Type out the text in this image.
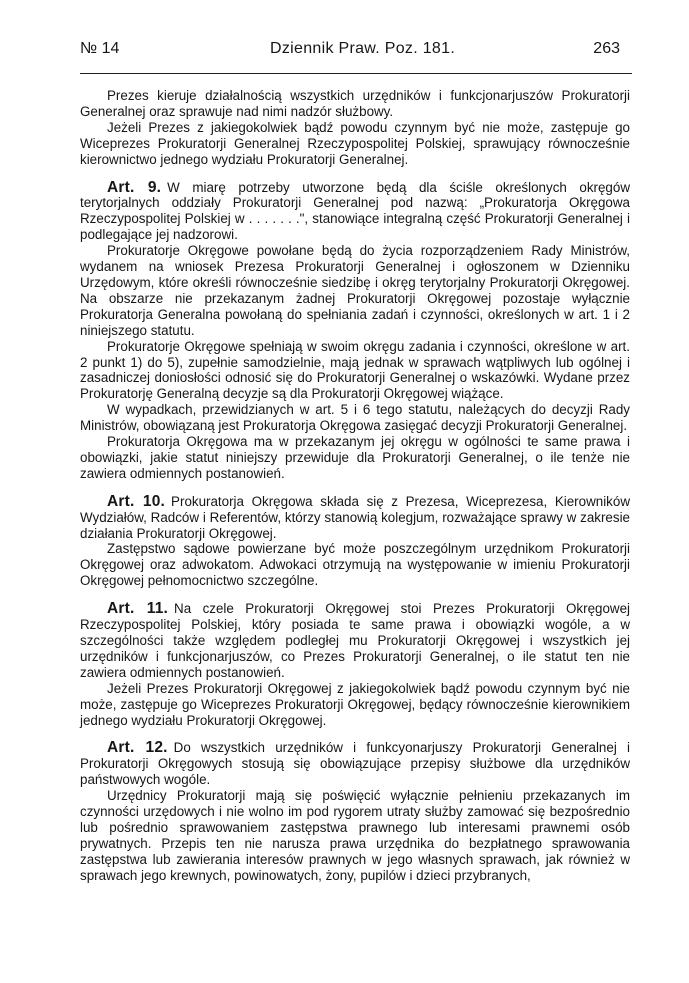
№ 14	Dziennik Praw. Poz. 181.	263

Prezes kieruje działalnością wszystkich urzędników i funkcjonarjuszów Prokuratorji Generalnej oraz sprawuje nad nimi nadzór służbowy.

Jeżeli Prezes z jakiegokolwiek bądź powodu czynnym być nie może, zastępuje go Wiceprezes Prokuratorji Generalnej Rzeczypospolitej Polskiej, sprawujący równocześnie kierownictwo jednego wydziału Prokuratorji Generalnej.

Art. 9. W miarę potrzeby utworzone będą dla ściśle określonych okręgów terytorjalnych oddziały Prokuratorji Generalnej pod nazwą: „Prokuratorja Okręgowa Rzeczypospolitej Polskiej w . . . . . . .", stanowiące integralną część Prokuratorji Generalnej i podlegające jej nadzorowi.

Prokuratorje Okręgowe powołane będą do życia rozporządzeniem Rady Ministrów, wydanem na wniosek Prezesa Prokuratorji Generalnej i ogłoszonem w Dzienniku Urzędowym, które określi równocześnie siedzibę i okręg terytorjalny Prokuratorji Okręgowej. Na obszarze nie przekazanym żadnej Prokuratorji Okręgowej pozostaje wyłącznie Prokuratorja Generalna powołaną do spełniania zadań i czynności, określonych w art. 1 i 2 niniejszego statutu.

Prokuratorje Okręgowe spełniają w swoim okręgu zadania i czynności, określone w art. 2 punkt 1) do 5), zupełnie samodzielnie, mają jednak w sprawach wątpliwych lub ogólnej i zasadniczej doniosłości odnosić się do Prokuratorji Generalnej o wskazówki. Wydane przez Prokuratorję Generalną decyzje są dla Prokuratorji Okręgowej wiążące.

W wypadkach, przewidzianych w art. 5 i 6 tego statutu, należących do decyzji Rady Ministrów, obowiązaną jest Prokuratorja Okręgowa zasięgać decyzji Prokuratorji Generalnej.

Prokuratorja Okręgowa ma w przekazanym jej okręgu w ogólności te same prawa i obowiązki, jakie statut niniejszy przewiduje dla Prokuratorji Generalnej, o ile tenże nie zawiera odmiennych postanowień.

Art. 10. Prokuratorja Okręgowa składa się z Prezesa, Wiceprezesa, Kierowników Wydziałów, Radców i Referentów, którzy stanowią kolegjum, rozważające sprawy w zakresie działania Prokuratorji Okręgowej.

Zastępstwo sądowe powierzane być może poszczególnym urzędnikom Prokuratorji Okręgowej oraz adwokatom. Adwokaci otrzymują na występowanie w imieniu Prokuratorji Okręgowej pełnomocnictwo szczególne.

Art. 11. Na czele Prokuratorji Okręgowej stoi Prezes Prokuratorji Okręgowej Rzeczypospolitej Polskiej, który posiada te same prawa i obowiązki wogóle, a w szczególności także względem podległej mu Prokuratorji Okręgowej i wszystkich jej urzędników i funkcjonarjuszów, co Prezes Prokuratorji Generalnej, o ile statut ten nie zawiera odmiennych postanowień.

Jeżeli Prezes Prokuratorji Okręgowej z jakiegokolwiek bądź powodu czynnym być nie może, zastępuje go Wiceprezes Prokuratorji Okręgowej, będący równocześnie kierownikiem jednego wydziału Prokuratorji Okręgowej.

Art. 12. Do wszystkich urzędników i funkcyonarjuszy Prokuratorji Generalnej i Prokuratorji Okręgowych stosują się obowiązujące przepisy służbowe dla urzędników państwowych wogóle.

Urzędnicy Prokuratorji mają się poświęcić wyłącznie pełnieniu przekazanych im czynności urzędowych i nie wolno im pod rygorem utraty służby zamować się bezpośrednio lub pośrednio sprawowaniem zastępstwa prawnego lub interesami prawnemi osób prywatnych. Przepis ten nie narusza prawa urzędnika do bezpłatnego sprawowania zastępstwa lub zawierania interesów prawnych w jego własnych sprawach, jak również w sprawach jego krewnych, powinowatych, żony, pupilów i dzieci przybranych,
